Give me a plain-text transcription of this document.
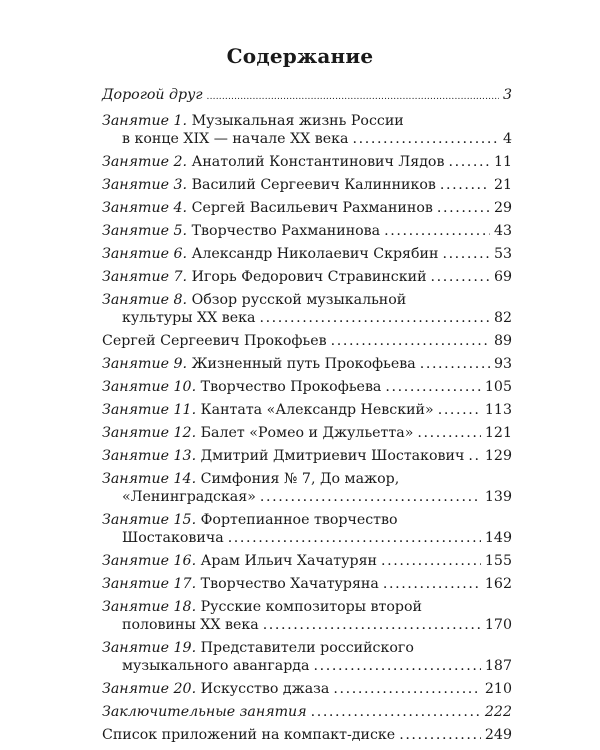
Содержание
Дорогой друг .....	3
Занятие 1. Музыкальная жизнь России
в конце XIX — начале XX века .....	4
Занятие 2. Анатолий Константинович Лядов .....	11
Занятие 3. Василий Сергеевич Калинников .....	21
Занятие 4. Сергей Васильевич Рахманинов .....	29
Занятие 5. Творчество Рахманинова .....	43
Занятие 6. Александр Николаевич Скрябин .....	53
Занятие 7. Игорь Федорович Стравинский .....	69
Занятие 8. Обзор русской музыкальной
культуры XX века .....	82
Сергей Сергеевич Прокофьев .....	89
Занятие 9. Жизненный путь Прокофьева .....	93
Занятие 10. Творчество Прокофьева .....	105
Занятие 11. Кантата «Александр Невский» .....	113
Занятие 12. Балет «Ромео и Джульетта» .....	121
Занятие 13. Дмитрий Дмитриевич Шостакович ..... 129
Занятие 14. Симфония № 7, До мажор,
«Ленинградская» .....	139
Занятие 15. Фортепианное творчество
Шостаковича .....	149
Занятие 16. Арам Ильич Хачатурян .....	155
Занятие 17. Творчество Хачатуряна .....	162
Занятие 18. Русские композиторы второй
половины XX века .....	170
Занятие 19. Представители российского
музыкального авангарда .....	187
Занятие 20. Искусство джаза .....	210
Заключительные занятия .....	222
Список приложений на компакт-диске .....	249
